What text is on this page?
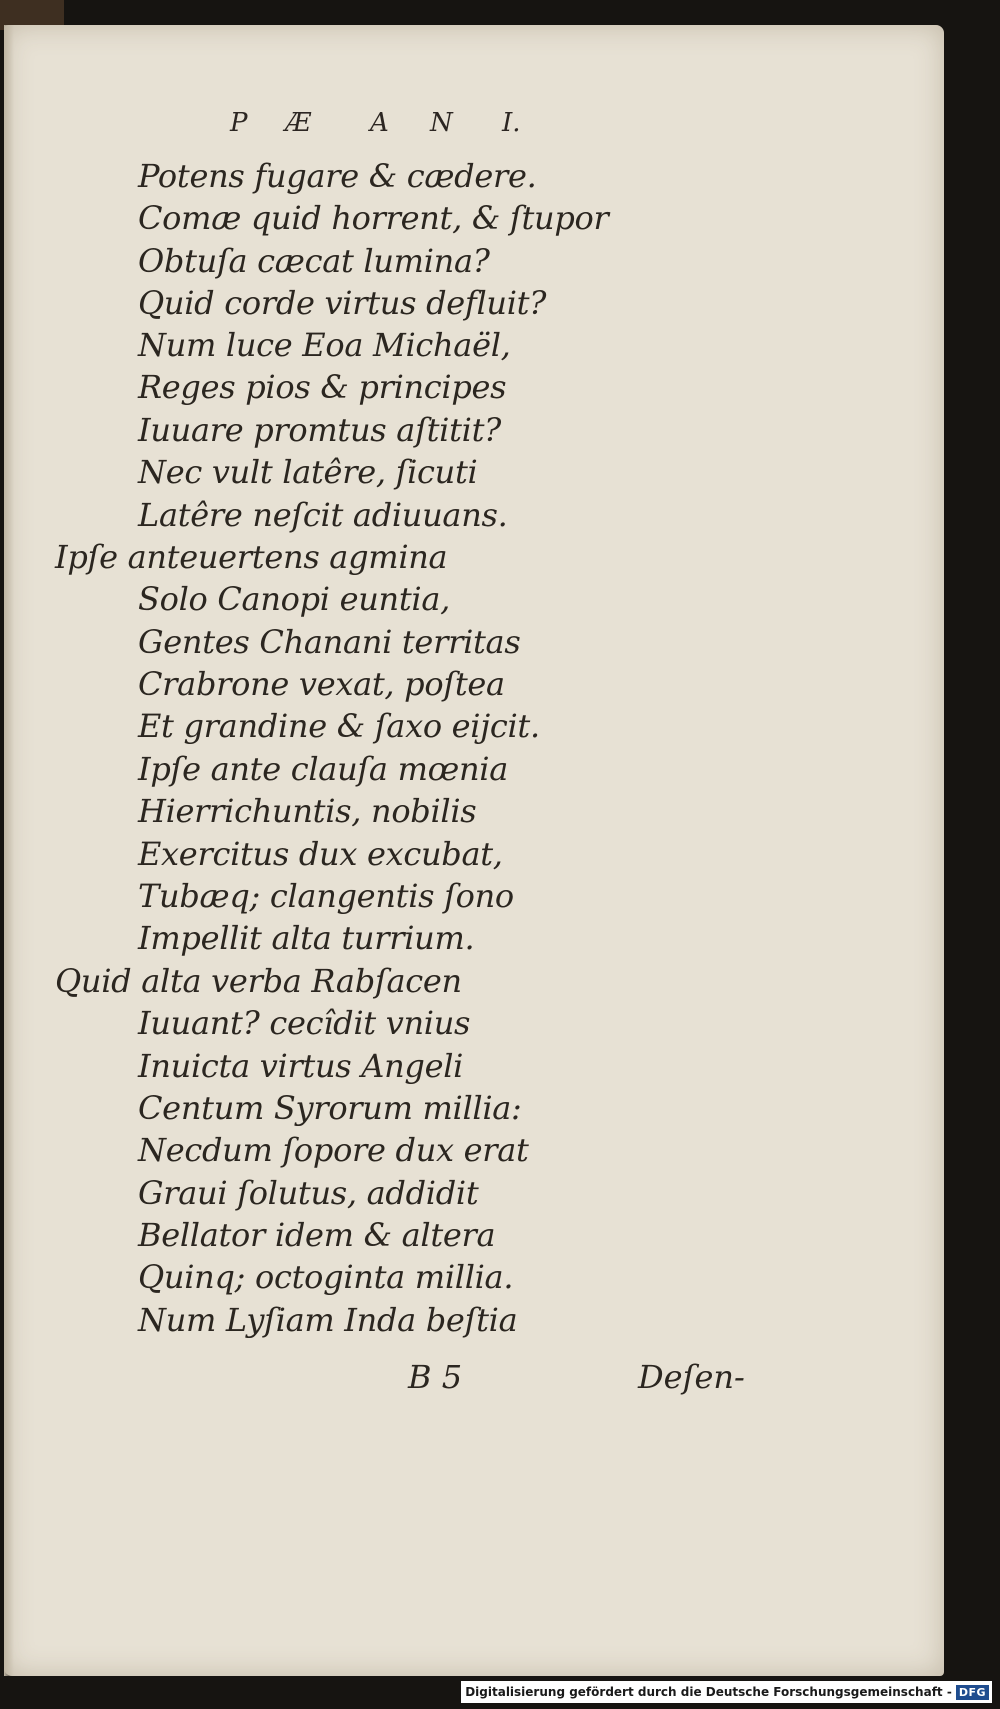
P Æ A N I.
Potens fugare & cædere.
Comæ quid horrent, & ſtupor
Obtuſa cæcat lumina?
Quid corde virtus defluit?
Num luce Eoa Michaël,
Reges pios & principes
Iuuare promtus aſtitit?
Nec vult latêre, ſicuti
Latêre neſcit adiuuans.
Ipſe anteuertens agmina
Solo Canopi euntia,
Gentes Chanani territas
Crabrone vexat, poſtea
Et grandine & ſaxo eijcit.
Ipſe ante clauſa mœnia
Hierrichuntis, nobilis
Exercitus dux excubat,
Tubæq; clangentis ſono
Impellit alta turrium.
Quid alta verba Rabſacen
Iuuant? cecîdit vnius
Inuicta virtus Angeli
Centum Syrorum millia:
Necdum ſopore dux erat
Graui ſolutus, addidit
Bellator idem & altera
Quinq; octoginta millia.
Num Lyſiam Inda beſtia
B 5	Deſen-
Digitalisierung gefördert durch die Deutsche Forschungsgemeinschaft - DFG
